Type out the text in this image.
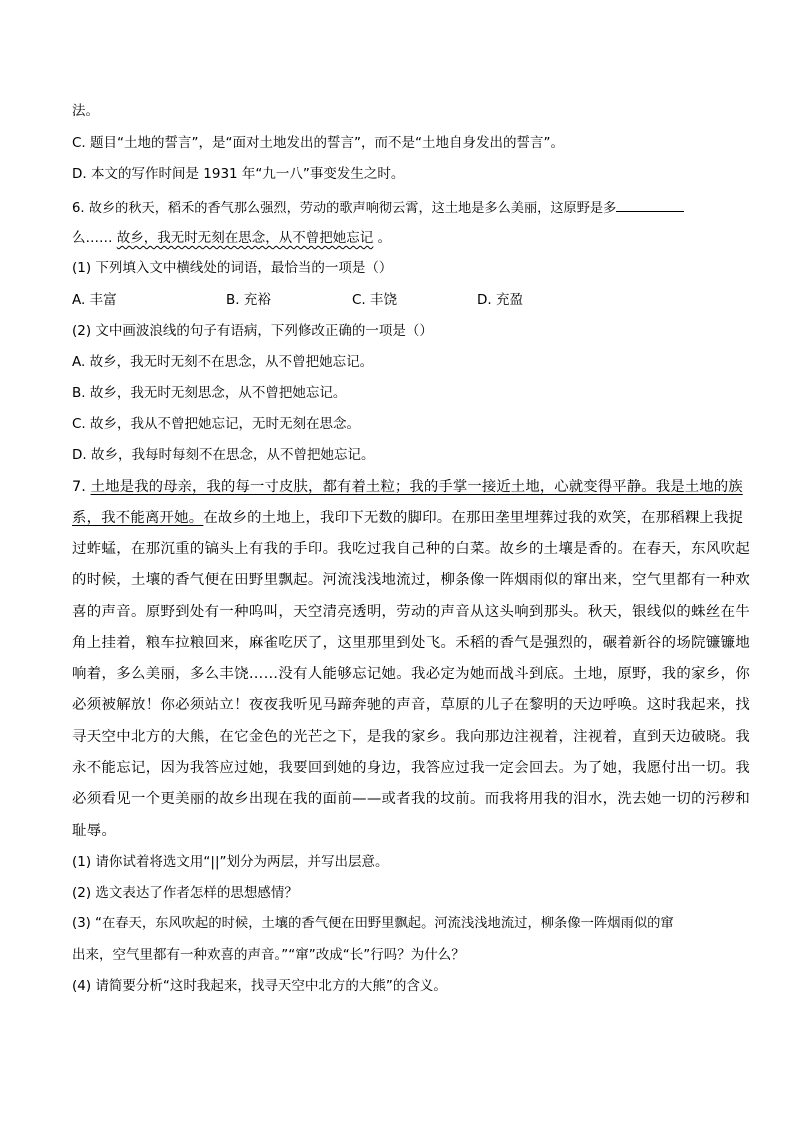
法。
C. 题目“土地的誓言”，是“面对土地发出的誓言”，而不是“土地自身发出的誓言”。
D. 本文的写作时间是 1931 年“九一八”事变发生之时。
6. 故乡的秋天，稻禾的香气那么强烈，劳动的歌声响彻云霄，这土地是多么美丽，这原野是多
么…… 故乡，我无时无刻在思念，从不曾把她忘记 。
(1) 下列填入文中横线处的词语，最恰当的一项是（）
A. 丰富	B. 充裕	C. 丰饶	D. 充盈
(2) 文中画波浪线的句子有语病，下列修改正确的一项是（）
A. 故乡，我无时无刻不在思念，从不曾把她忘记。
B. 故乡，我无时无刻思念，从不曾把她忘记。
C. 故乡，我从不曾把她忘记，无时无刻在思念。
D. 故乡，我每时每刻不在思念，从不曾把她忘记。
7. 土地是我的母亲，我的每一寸皮肤，都有着土粒；我的手掌一接近土地，心就变得平静。我是土地的族
系，我不能离开她。在故乡的土地上，我印下无数的脚印。在那田垄里埋葬过我的欢笑，在那稻粿上我捉
过蚱蜢，在那沉重的镐头上有我的手印。我吃过我自己种的白菜。故乡的土壤是香的。在春天，东风吹起
的时候，土壤的香气便在田野里飘起。河流浅浅地流过，柳条像一阵烟雨似的窜出来，空气里都有一种欢
喜的声音。原野到处有一种呜叫，天空清亮透明，劳动的声音从这头响到那头。秋天，银线似的蛛丝在牛
角上挂着，粮车拉粮回来，麻雀吃厌了，这里那里到处飞。禾稻的香气是强烈的，碾着新谷的场院镰镰地
响着，多么美丽，多么丰饶……没有人能够忘记她。我必定为她而战斗到底。土地，原野，我的家乡，你
必须被解放！你必须站立！夜夜我听见马蹄奔驰的声音，草原的儿子在黎明的天边呼唤。这时我起来，找
寻天空中北方的大熊，在它金色的光芒之下，是我的家乡。我向那边注视着，注视着，直到天边破晓。我
永不能忘记，因为我答应过她，我要回到她的身边，我答应过我一定会回去。为了她，我愿付出一切。我
必须看见一个更美丽的故乡出现在我的面前——或者我的坟前。而我将用我的泪水，洗去她一切的污秽和
耻辱。
(1) 请你试着将选文用“||”划分为两层，并写出层意。
(2) 选文表达了作者怎样的思想感情？
(3) “在春天，东风吹起的时候，土壤的香气便在田野里飘起。河流浅浅地流过，柳条像一阵烟雨似的窜
出来，空气里都有一种欢喜的声音。”“窜”改成“长”行吗？为什么？
(4) 请简要分析“这时我起来，找寻天空中北方的大熊”的含义。
